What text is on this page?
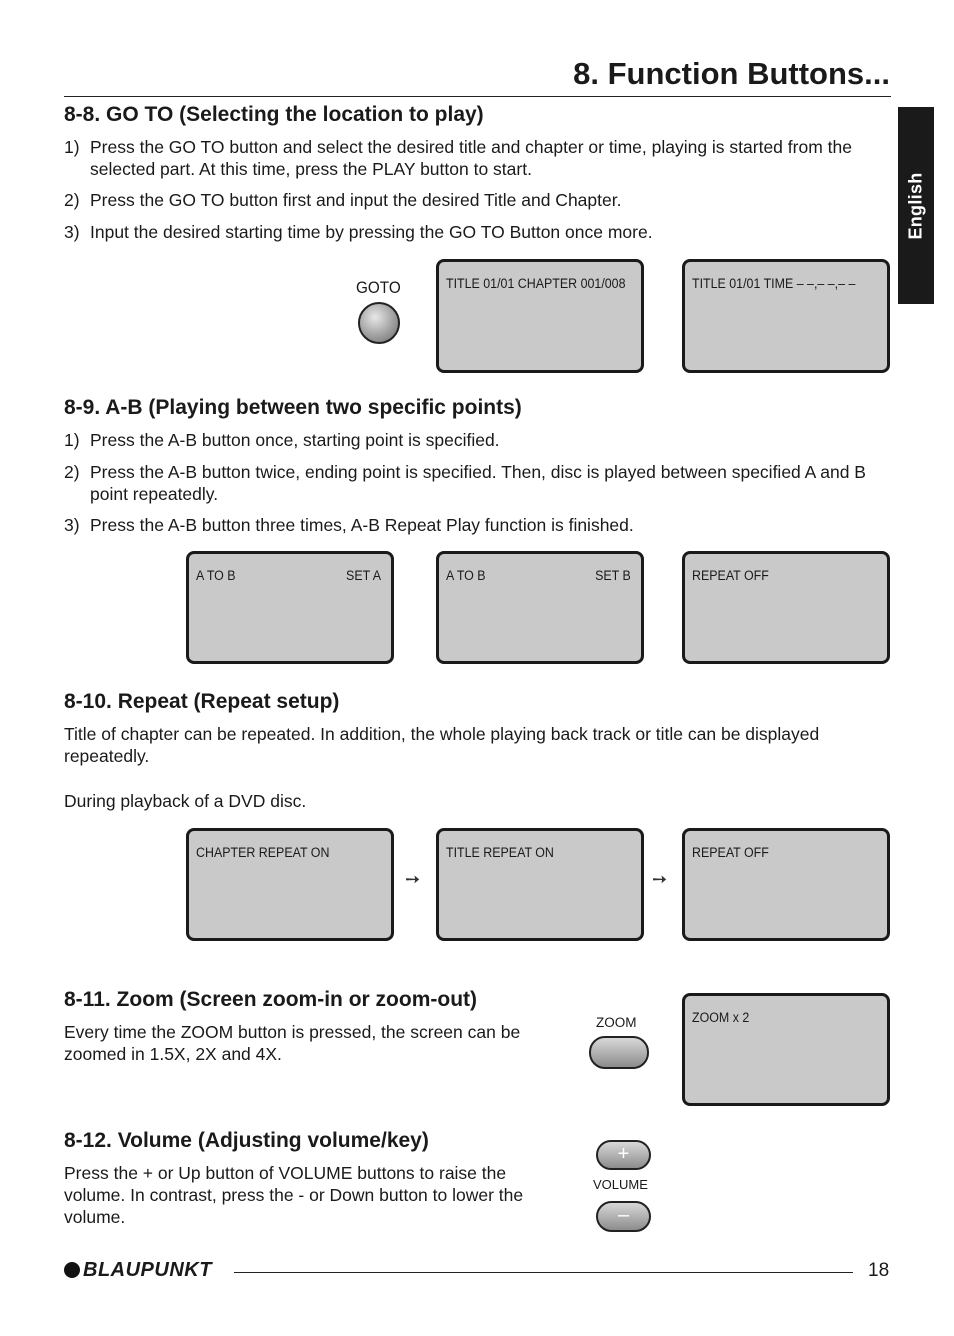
8. Function Buttons...
English
8-8. GO TO (Selecting the location to play)
1) Press the GO TO button and select the desired title and chapter or time, playing is started from the selected part. At this time, press the PLAY button to start.
2) Press the GO TO button first and input the desired Title and Chapter.
3) Input the desired starting time by pressing the GO TO Button once more.
GOTO	TITLE 01/01 CHAPTER 001/008	TITLE 01/01 TIME – –,– –,– –
8-9. A-B (Playing between two specific points)
1) Press the A-B button once, starting point is specified.
2) Press the A-B button twice, ending point is specified. Then, disc is played between specified A and B point repeatedly.
3) Press the A-B button three times, A-B Repeat Play function is finished.
A TO B	SET A	A TO B	SET B	REPEAT OFF
8-10. Repeat (Repeat setup)
Title of chapter can be repeated. In addition, the whole playing back track or title can be displayed repeatedly.
During playback of a DVD disc.
CHAPTER REPEAT ON
➙
TITLE REPEAT ON
➙
REPEAT OFF
8-11. Zoom (Screen zoom-in or zoom-out)
Every time the ZOOM button is pressed, the screen can be zoomed in 1.5X, 2X and 4X.
ZOOM	ZOOM x 2
8-12. Volume (Adjusting volume/key)
Press the + or Up button of VOLUME buttons to raise the volume. In contrast, press the - or Down button to lower the volume.
+
VOLUME
–
BLAUPUNKT	18
